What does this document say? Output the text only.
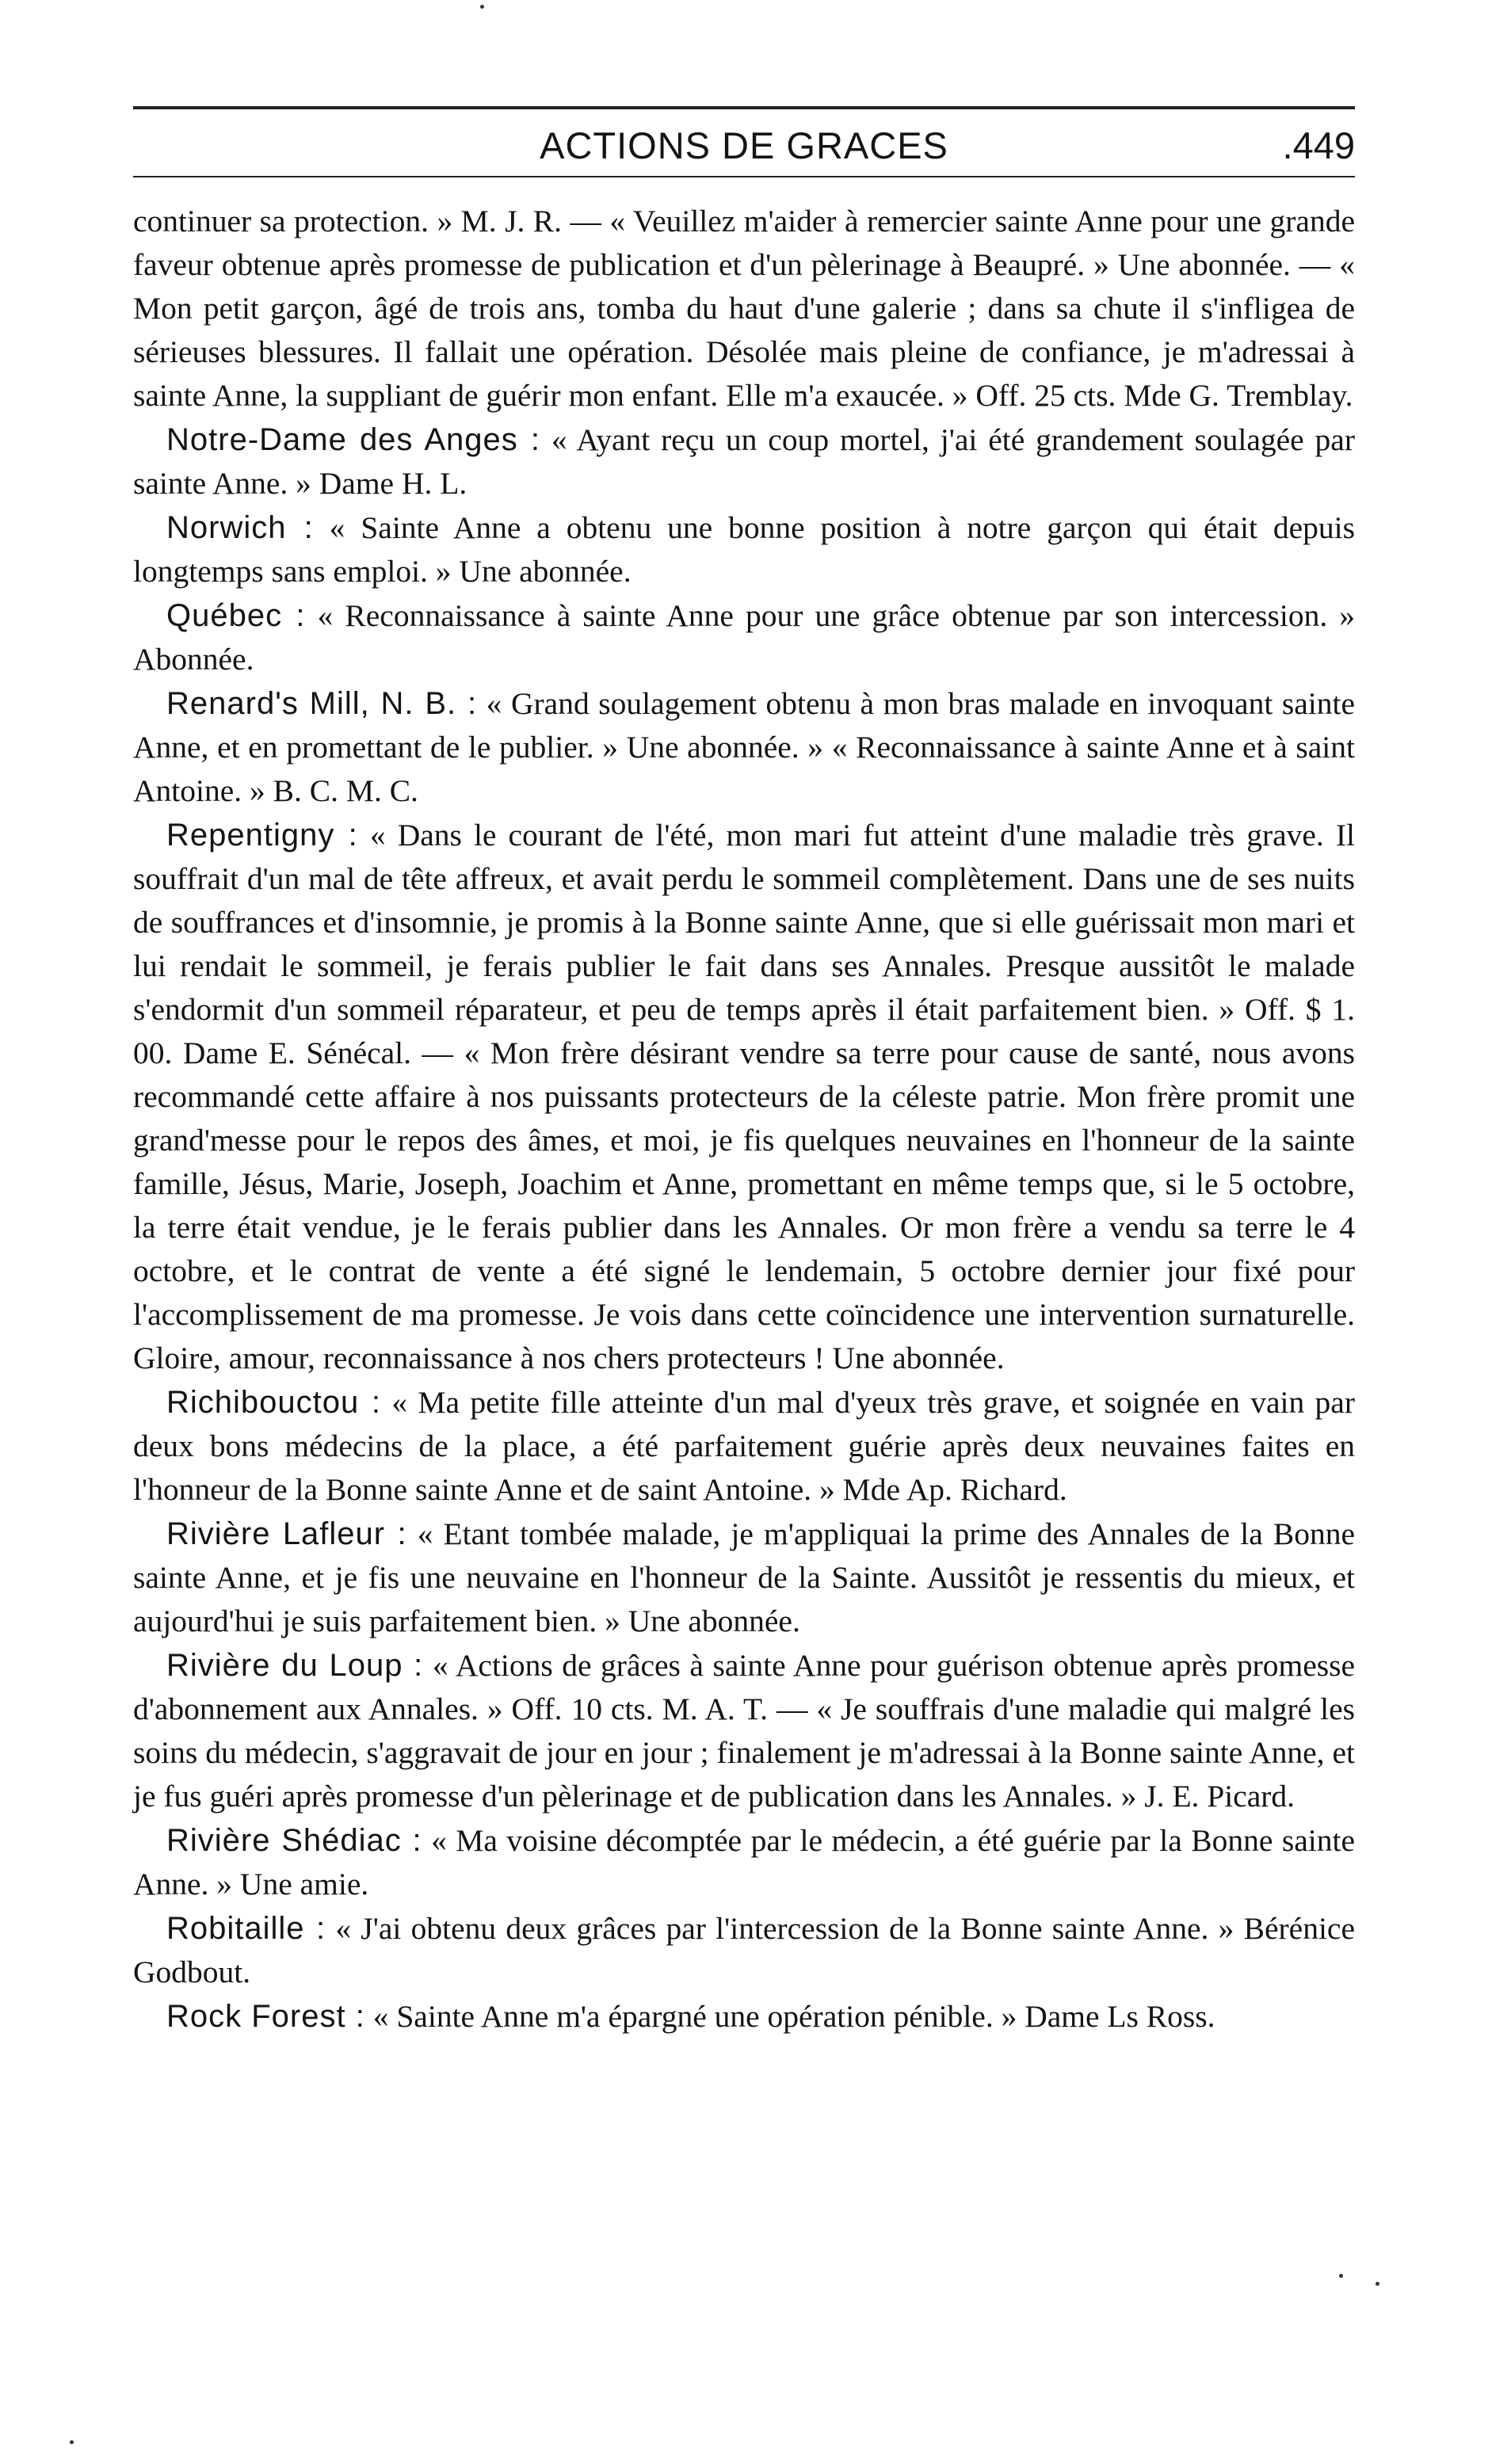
ACTIONS DE GRACES	.449

continuer sa protection. » M. J. R. — « Veuillez m'aider à remercier sainte Anne pour une grande faveur obtenue après promesse de publication et d'un pèlerinage à Beaupré. » Une abonnée. — « Mon petit garçon, âgé de trois ans, tomba du haut d'une galerie ; dans sa chute il s'infligea de sérieuses blessures. Il fallait une opération. Désolée mais pleine de confiance, je m'adressai à sainte Anne, la suppliant de guérir mon enfant. Elle m'a exaucée. » Off. 25 cts. Mde G. Tremblay.

Notre-Dame des Anges : « Ayant reçu un coup mortel, j'ai été grandement soulagée par sainte Anne. » Dame H. L.

Norwich : « Sainte Anne a obtenu une bonne position à notre garçon qui était depuis longtemps sans emploi. » Une abonnée.

Québec : « Reconnaissance à sainte Anne pour une grâce obtenue par son intercession. » Abonnée.

Renard's Mill, N. B. : « Grand soulagement obtenu à mon bras malade en invoquant sainte Anne, et en promettant de le publier. » Une abonnée. » « Reconnaissance à sainte Anne et à saint Antoine. » B. C. M. C.

Repentigny : « Dans le courant de l'été, mon mari fut atteint d'une maladie très grave. Il souffrait d'un mal de tête affreux, et avait perdu le sommeil complètement. Dans une de ses nuits de souffrances et d'insomnie, je promis à la Bonne sainte Anne, que si elle guérissait mon mari et lui rendait le sommeil, je ferais publier le fait dans ses Annales. Presque aussitôt le malade s'endormit d'un sommeil réparateur, et peu de temps après il était parfaitement bien. » Off. $ 1. 00. Dame E. Sénécal. — « Mon frère désirant vendre sa terre pour cause de santé, nous avons recommandé cette affaire à nos puissants protecteurs de la céleste patrie. Mon frère promit une grand'messe pour le repos des âmes, et moi, je fis quelques neuvaines en l'honneur de la sainte famille, Jésus, Marie, Joseph, Joachim et Anne, promettant en même temps que, si le 5 octobre, la terre était vendue, je le ferais publier dans les Annales. Or mon frère a vendu sa terre le 4 octobre, et le contrat de vente a été signé le lendemain, 5 octobre dernier jour fixé pour l'accomplissement de ma promesse. Je vois dans cette coïncidence une intervention surnaturelle. Gloire, amour, reconnaissance à nos chers protecteurs ! Une abonnée.

Richibouctou : « Ma petite fille atteinte d'un mal d'yeux très grave, et soignée en vain par deux bons médecins de la place, a été parfaitement guérie après deux neuvaines faites en l'honneur de la Bonne sainte Anne et de saint Antoine. » Mde Ap. Richard.

Rivière Lafleur : « Etant tombée malade, je m'appliquai la prime des Annales de la Bonne sainte Anne, et je fis une neuvaine en l'honneur de la Sainte. Aussitôt je ressentis du mieux, et aujourd'hui je suis parfaitement bien. » Une abonnée.

Rivière du Loup : « Actions de grâces à sainte Anne pour guérison obtenue après promesse d'abonnement aux Annales. » Off. 10 cts. M. A. T. — « Je souffrais d'une maladie qui malgré les soins du médecin, s'aggravait de jour en jour ; finalement je m'adressai à la Bonne sainte Anne, et je fus guéri après promesse d'un pèlerinage et de publication dans les Annales. » J. E. Picard.

Rivière Shédiac : « Ma voisine décomptée par le médecin, a été guérie par la Bonne sainte Anne. » Une amie.

Robitaille : « J'ai obtenu deux grâces par l'intercession de la Bonne sainte Anne. » Bérénice Godbout.

Rock Forest : « Sainte Anne m'a épargné une opération pénible. » Dame Ls Ross.
